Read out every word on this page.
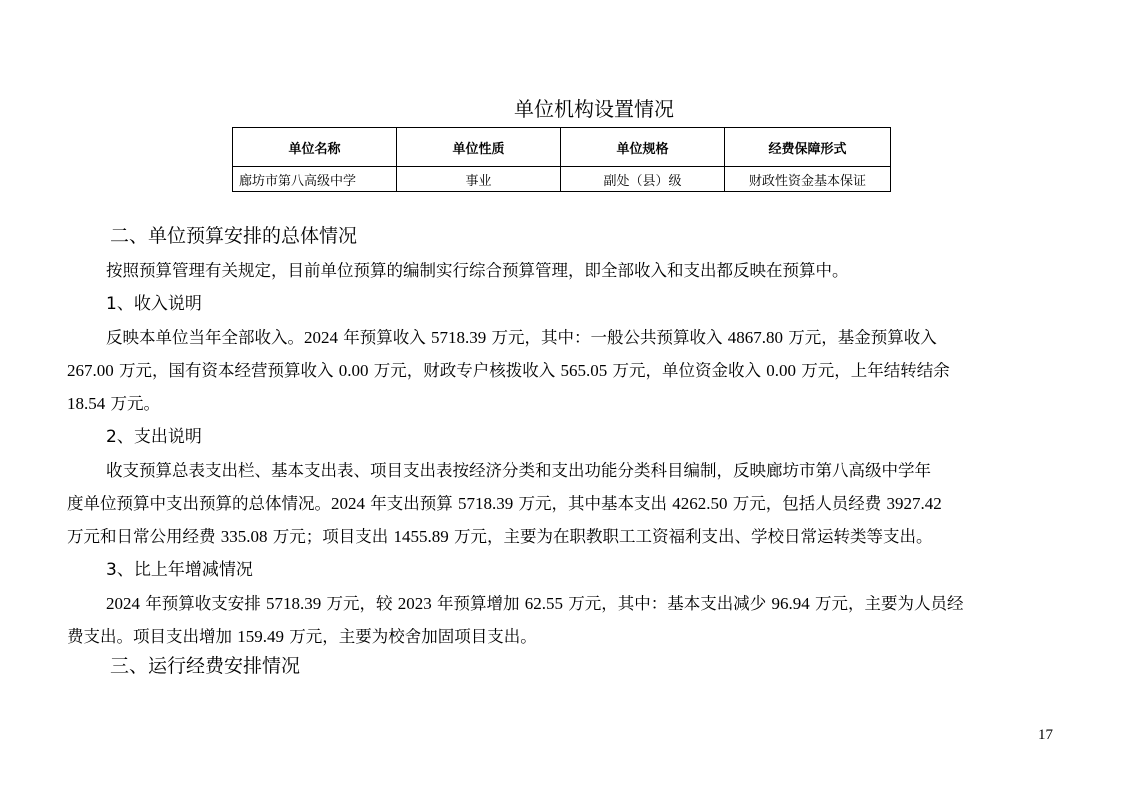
单位机构设置情况
单位名称	单位性质	单位规格	经费保障形式
廊坊市第八高级中学	事业	副处（县）级	财政性资金基本保证
二、单位预算安排的总体情况
按照预算管理有关规定，目前单位预算的编制实行综合预算管理，即全部收入和支出都反映在预算中。
1、收入说明
反映本单位当年全部收入。2024 年预算收入 5718.39 万元，其中：一般公共预算收入 4867.80 万元，基金预算收入
267.00 万元，国有资本经营预算收入 0.00 万元，财政专户核拨收入 565.05 万元，单位资金收入 0.00 万元，上年结转结余
18.54 万元。
2、支出说明
收支预算总表支出栏、基本支出表、项目支出表按经济分类和支出功能分类科目编制，反映廊坊市第八高级中学年
度单位预算中支出预算的总体情况。2024 年支出预算 5718.39 万元，其中基本支出 4262.50 万元，包括人员经费 3927.42
万元和日常公用经费 335.08 万元；项目支出 1455.89 万元，主要为在职教职工工资福利支出、学校日常运转类等支出。
3、比上年增减情况
2024 年预算收支安排 5718.39 万元，较 2023 年预算增加 62.55 万元，其中：基本支出减少 96.94 万元，主要为人员经
费支出。项目支出增加 159.49 万元，主要为校舍加固项目支出。
三、运行经费安排情况
17
